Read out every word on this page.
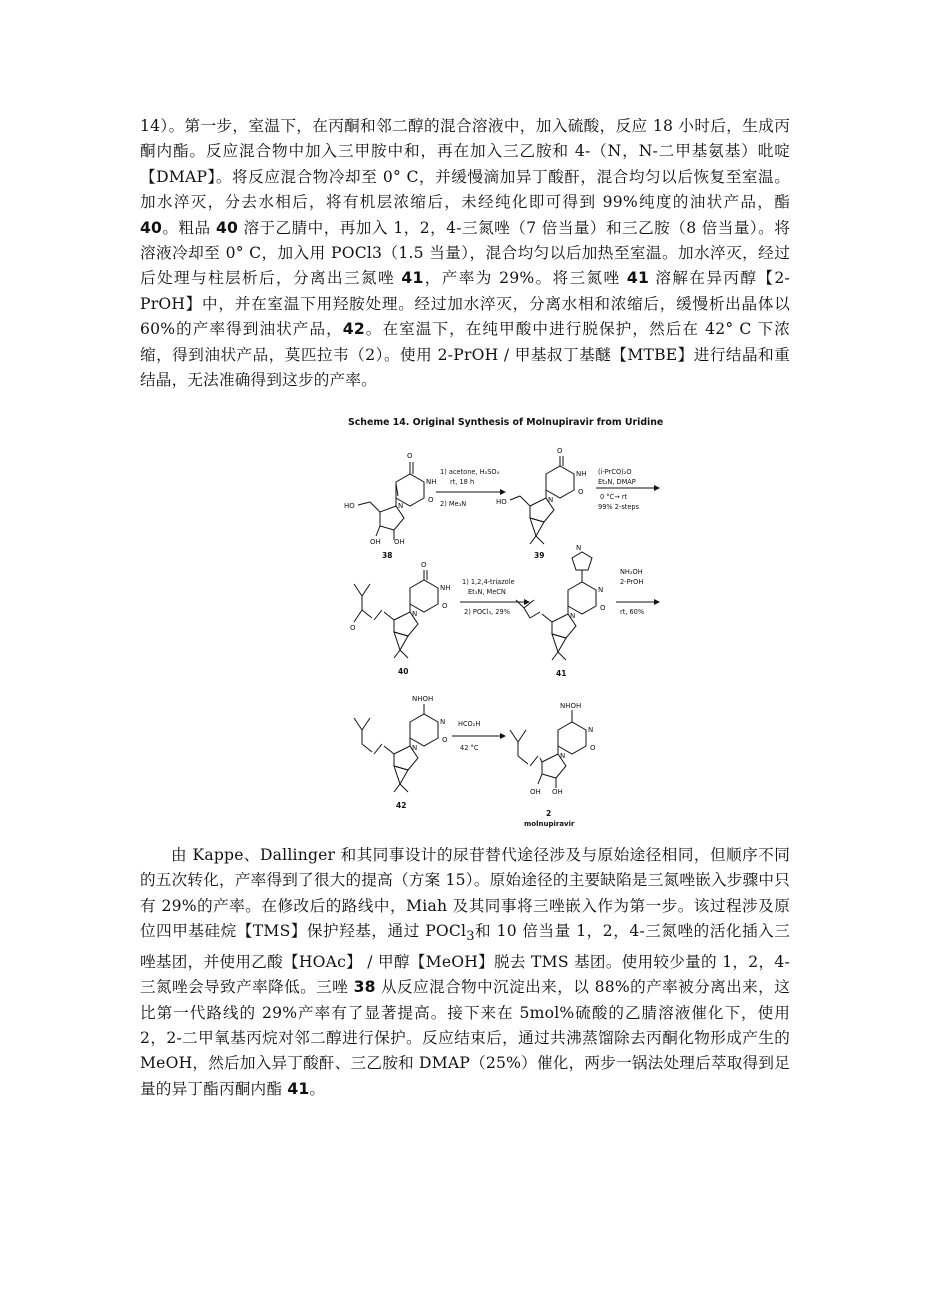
14）。第一步，室温下，在丙酮和邻二醇的混合溶液中，加入硫酸，反应 18 小时后，生成丙酮内酯。反应混合物中加入三甲胺中和，再在加入三乙胺和 4-（N，N-二甲基氨基）吡啶【DMAP】。将反应混合物冷却至 0° C，并缓慢滴加异丁酸酐，混合均匀以后恢复至室温。加水淬灭，分去水相后，将有机层浓缩后，未经纯化即可得到 99%纯度的油状产品，酯 40。粗品 40 溶于乙腈中，再加入 1，2，4-三氮唑（7 倍当量）和三乙胺（8 倍当量）。将溶液冷却至 0° C，加入用 POCl3（1.5 当量），混合均匀以后加热至室温。加水淬灭，经过后处理与柱层析后，分离出三氮唑 41，产率为 29%。将三氮唑 41 溶解在异丙醇【2-PrOH】中，并在室温下用羟胺处理。经过加水淬灭，分离水相和浓缩后，缓慢析出晶体以 60%的产率得到油状产品，42。在室温下，在纯甲酸中进行脱保护，然后在 42° C 下浓缩，得到油状产品，莫匹拉韦（2）。使用 2-PrOH / 甲基叔丁基醚【MTBE】进行结晶和重结晶，无法准确得到这步的产率。
Scheme 14. Original Synthesis of Molnupiravir from Uridine
O
NH
O
N
HO
OH OH
38
1) acetone, H₂SO₄
rt, 18 h
2) Me₃N
O
NH
O
N
HO
39
(i-PrCO)₂O
Et₃N, DMAP
0 °C→ rt
99% 2-steps
O
O
NH
O
N
40
1) 1,2,4-triazole
Et₃N, MeCN
2) POCl₃, 29%
N
N
O
N
41
NH₂OH
2-PrOH
rt, 60%
NHOH
N
O
N
42
HCO₂H
42 °C
NHOH
N
O
N
OH OH
2
molnupiravir
由 Kappe、Dallinger 和其同事设计的尿苷替代途径涉及与原始途径相同，但顺序不同的五次转化，产率得到了很大的提高（方案 15）。原始途径的主要缺陷是三氮唑嵌入步骤中只有 29%的产率。在修改后的路线中，Miah 及其同事将三唑嵌入作为第一步。该过程涉及原位四甲基硅烷【TMS】保护羟基，通过 POCl$_3$和 10 倍当量 1，2，4-三氮唑的活化插入三唑基团，并使用乙酸【HOAc】 / 甲醇【MeOH】脱去 TMS 基团。使用较少量的 1，2，4-三氮唑会导致产率降低。三唑 38 从反应混合物中沉淀出来，以 88%的产率被分离出来，这比第一代路线的 29%产率有了显著提高。接下来在 5mol%硫酸的乙腈溶液催化下，使用 2，2-二甲氧基丙烷对邻二醇进行保护。反应结束后，通过共沸蒸馏除去丙酮化物形成产生的 MeOH，然后加入异丁酸酐、三乙胺和 DMAP（25%）催化，两步一锅法处理后萃取得到足量的异丁酯丙酮内酯 41。
